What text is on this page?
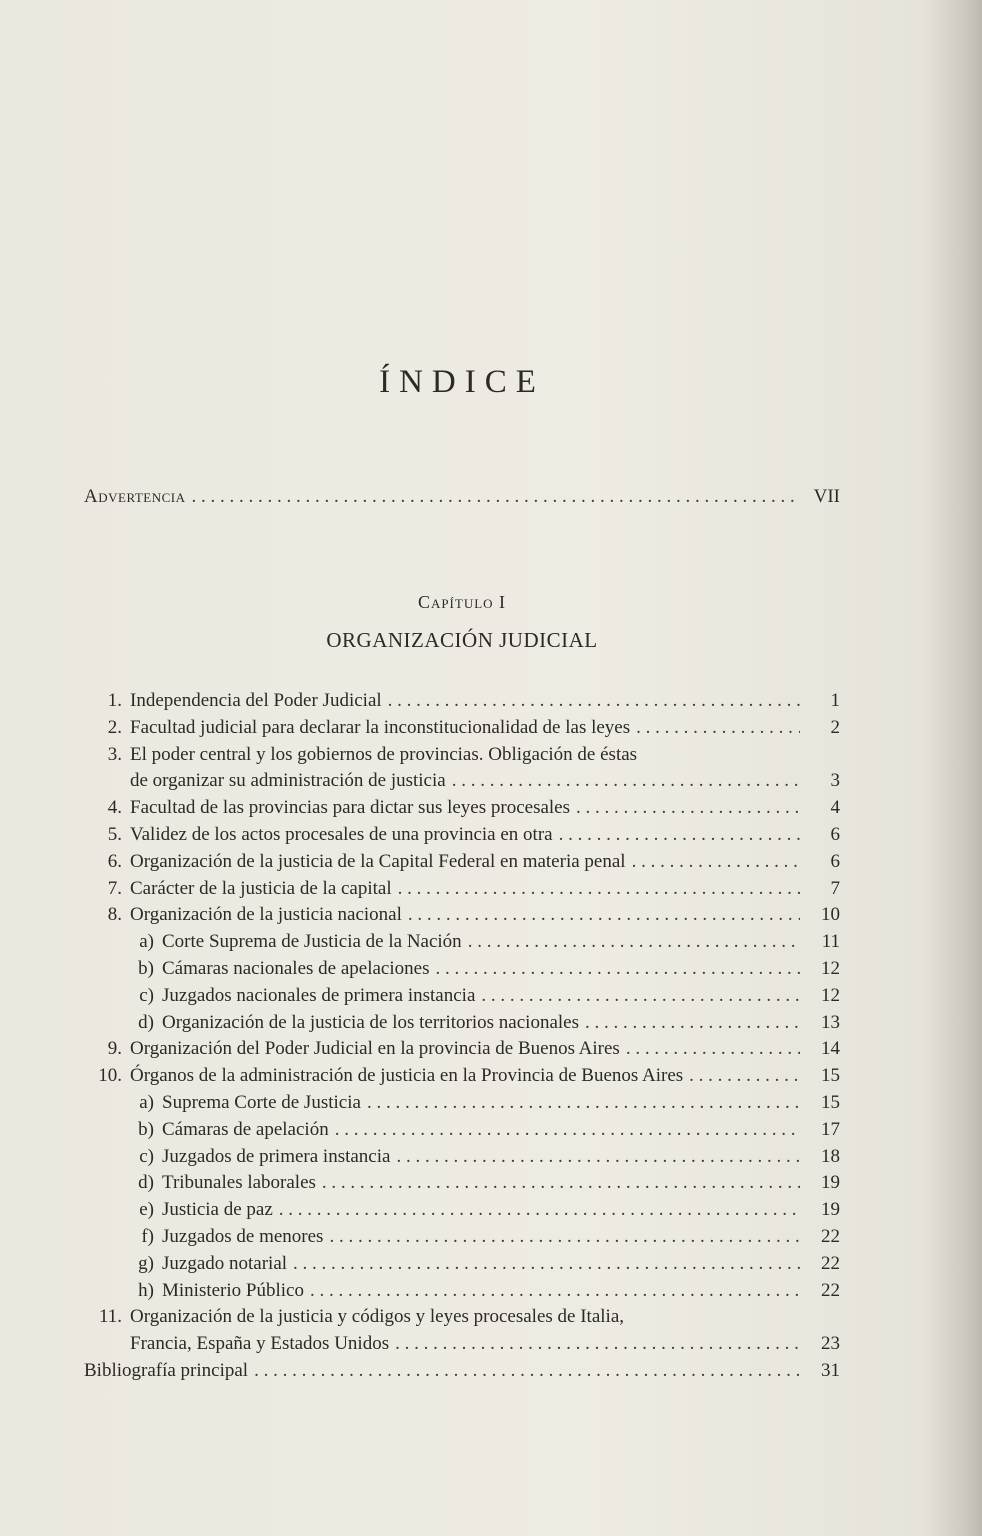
ÍNDICE
Advertencia . . .	VII
Capítulo I
ORGANIZACIÓN JUDICIAL
1. Independencia del Poder Judicial . . .	1
2. Facultad judicial para declarar la inconstitucionalidad de las leyes . . .	2
3. El poder central y los gobiernos de provincias. Obligación de éstas
de organizar su administración de justicia . . .	3
4. Facultad de las provincias para dictar sus leyes procesales . . .	4
5. Validez de los actos procesales de una provincia en otra . . .	6
6. Organización de la justicia de la Capital Federal en materia penal . . .	6
7. Carácter de la justicia de la capital . . .	7
8. Organización de la justicia nacional . . .	10
a) Corte Suprema de Justicia de la Nación . . .	11
b) Cámaras nacionales de apelaciones . . .	12
c) Juzgados nacionales de primera instancia . . .	12
d) Organización de la justicia de los territorios nacionales . . .	13
9. Organización del Poder Judicial en la provincia de Buenos Aires . . .	14
10. Órganos de la administración de justicia en la Provincia de Buenos Aires . . .	15
a) Suprema Corte de Justicia . . .	15
b) Cámaras de apelación . . .	17
c) Juzgados de primera instancia . . .	18
d) Tribunales laborales . . .	19
e) Justicia de paz . . .	19
f) Juzgados de menores . . .	22
g) Juzgado notarial . . .	22
h) Ministerio Público . . .	22
11. Organización de la justicia y códigos y leyes procesales de Italia,
Francia, España y Estados Unidos . . .	23
Bibliografía principal . . .	31
